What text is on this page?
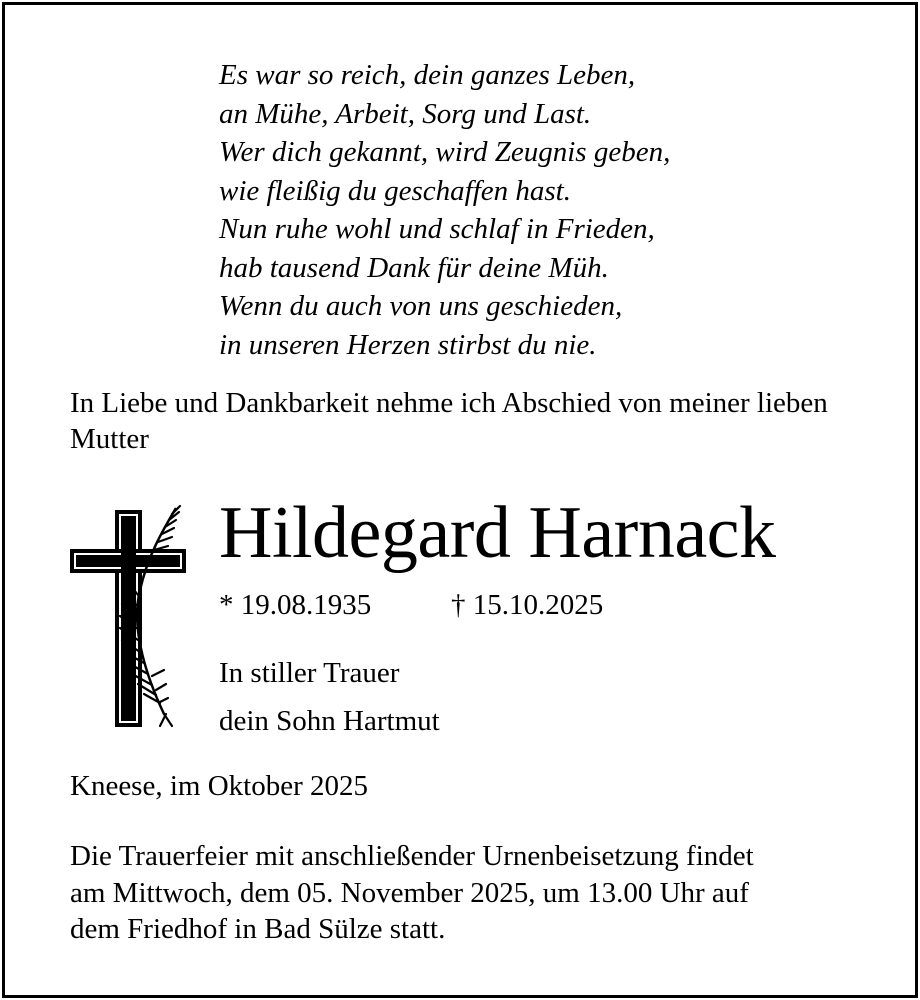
Es war so reich, dein ganzes Leben,
an Mühe, Arbeit, Sorg und Last.
Wer dich gekannt, wird Zeugnis geben,
wie fleißig du geschaffen hast.
Nun ruhe wohl und schlaf in Frieden,
hab tausend Dank für deine Müh.
Wenn du auch von uns geschieden,
in unseren Herzen stirbst du nie.
In Liebe und Dankbarkeit nehme ich Abschied von meiner lieben Mutter
Hildegard Harnack
* 19.08.1935	† 15.10.2025
In stiller Trauer
dein Sohn Hartmut
Kneese, im Oktober 2025
Die Trauerfeier mit anschließender Urnenbeisetzung findet
am Mittwoch, dem 05. November 2025, um 13.00 Uhr auf
dem Friedhof in Bad Sülze statt.
